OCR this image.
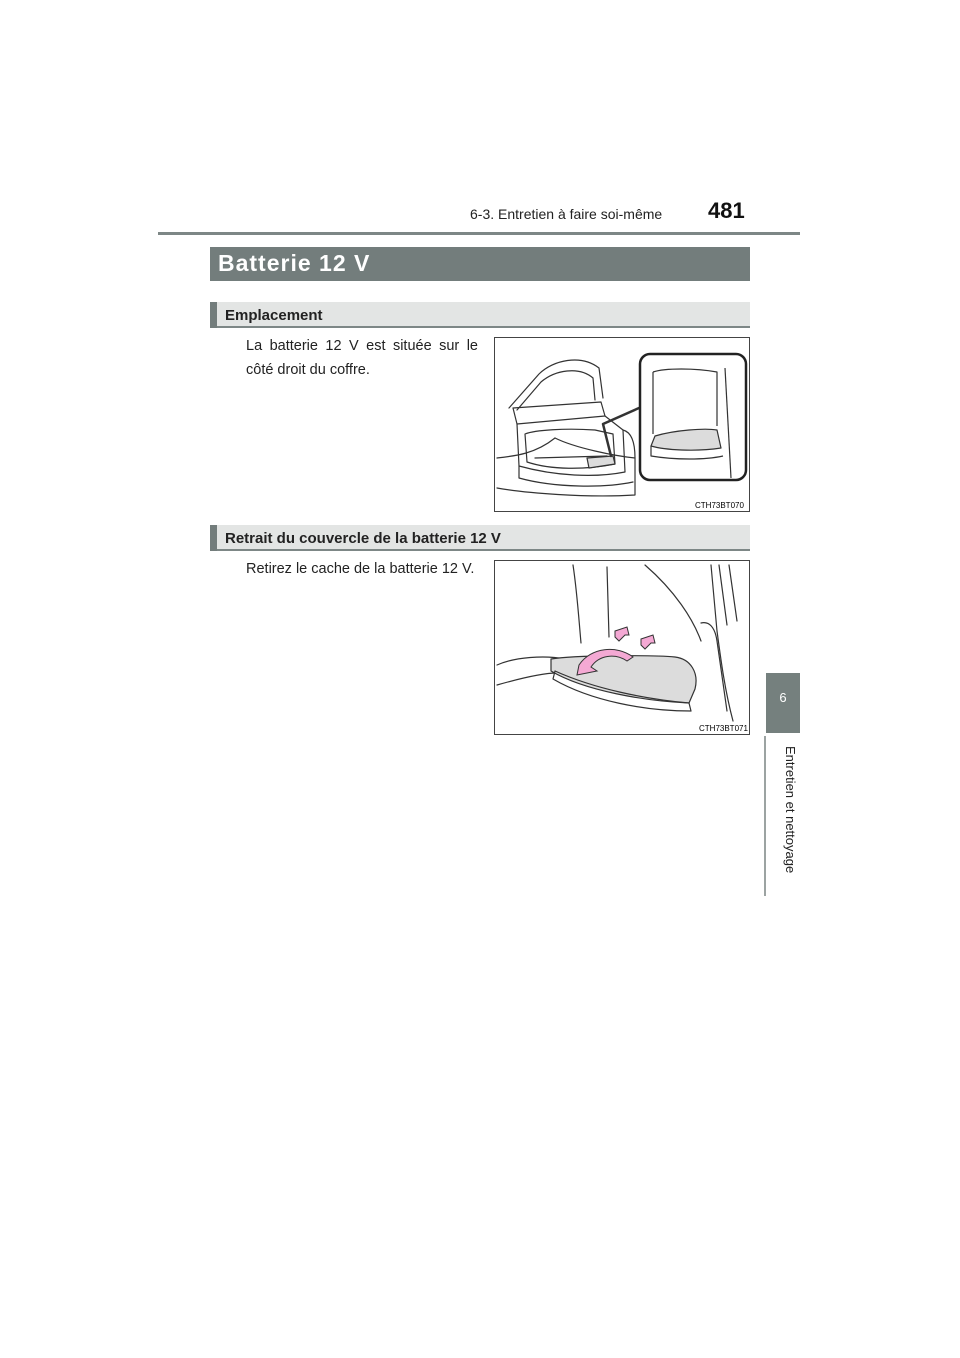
6-3. Entretien à faire soi-même	481
6
Entretien et nettoyage
Batterie 12 V
Emplacement
La batterie 12 V est située sur le côté droit du coffre.
CTH73BT070
Retrait du couvercle de la batterie 12 V
Retirez le cache de la batterie 12 V.
CTH73BT071
